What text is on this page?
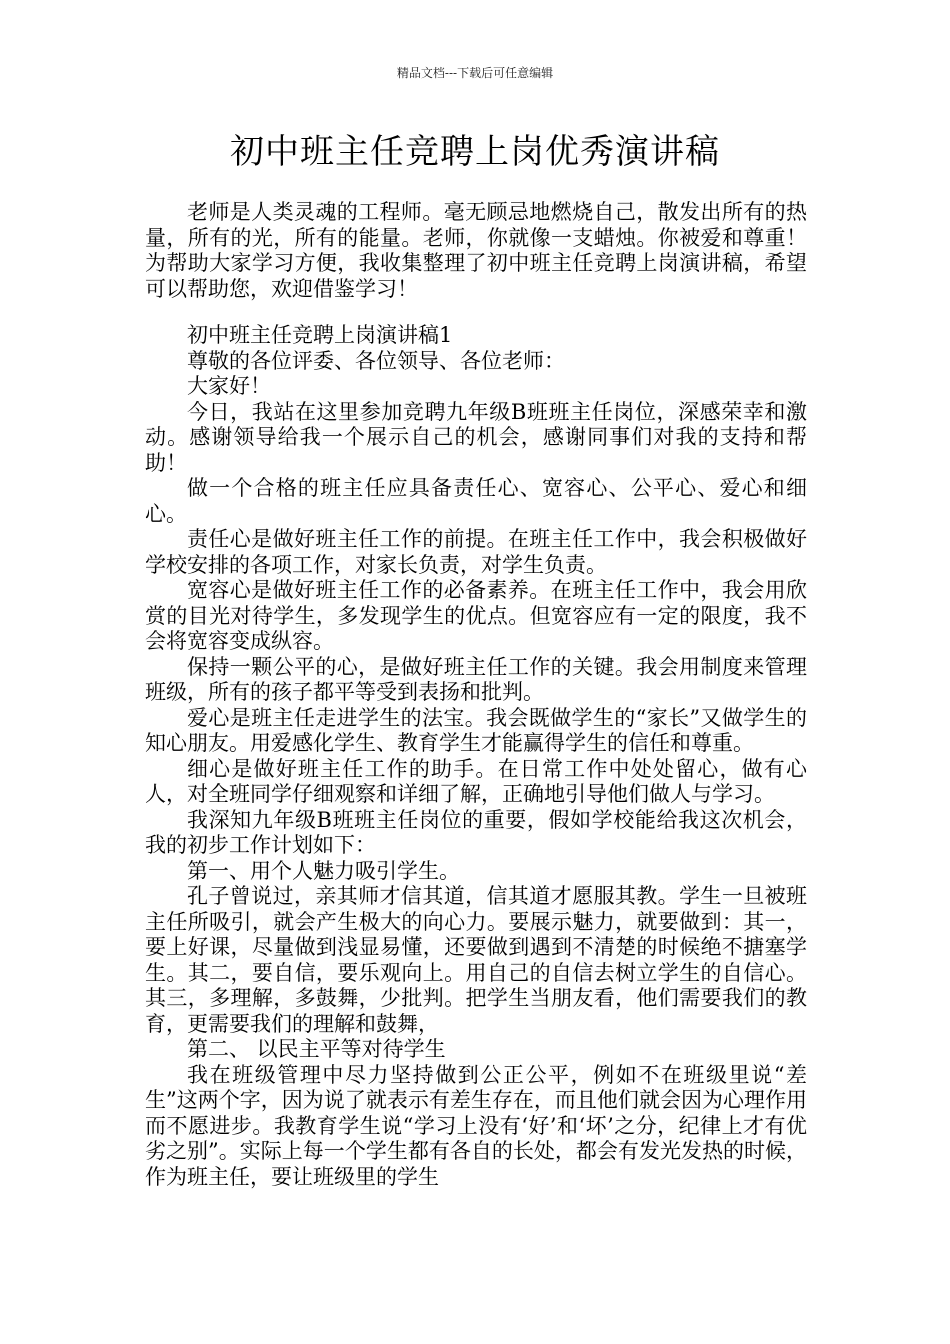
精品文档---下载后可任意编辑
初中班主任竞聘上岗优秀演讲稿

老师是人类灵魂的工程师。毫无顾忌地燃烧自己，散发出所有的热量，所有的光，所有的能量。老师，你就像一支蜡烛。你被爱和尊重！为帮助大家学习方便，我收集整理了初中班主任竞聘上岗演讲稿，希望可以帮助您，欢迎借鉴学习！

初中班主任竞聘上岗演讲稿1

尊敬的各位评委、各位领导、各位老师：

大家好！

今日，我站在这里参加竞聘九年级B班班主任岗位，深感荣幸和激动。感谢领导给我一个展示自己的机会，感谢同事们对我的支持和帮助！

做一个合格的班主任应具备责任心、宽容心、公平心、爱心和细心。

责任心是做好班主任工作的前提。在班主任工作中，我会积极做好学校安排的各项工作，对家长负责，对学生负责。

宽容心是做好班主任工作的必备素养。在班主任工作中，我会用欣赏的目光对待学生，多发现学生的优点。但宽容应有一定的限度，我不会将宽容变成纵容。

保持一颗公平的心，是做好班主任工作的关键。我会用制度来管理班级，所有的孩子都平等受到表扬和批判。

爱心是班主任走进学生的法宝。我会既做学生的“家长”又做学生的知心朋友。用爱感化学生、教育学生才能赢得学生的信任和尊重。

细心是做好班主任工作的助手。在日常工作中处处留心，做有心人，对全班同学仔细观察和详细了解，正确地引导他们做人与学习。

我深知九年级B班班主任岗位的重要，假如学校能给我这次机会，我的初步工作计划如下：

第一、用个人魅力吸引学生。

孔子曾说过，亲其师才信其道，信其道才愿服其教。学生一旦被班主任所吸引，就会产生极大的向心力。要展示魅力，就要做到：其一，要上好课，尽量做到浅显易懂，还要做到遇到不清楚的时候绝不搪塞学生。其二，要自信，要乐观向上。用自己的自信去树立学生的自信心。其三，多理解，多鼓舞，少批判。把学生当朋友看，他们需要我们的教育，更需要我们的理解和鼓舞，

第二、 以民主平等对待学生

我在班级管理中尽力坚持做到公正公平，例如不在班级里说“差生”这两个字，因为说了就表示有差生存在，而且他们就会因为心理作用而不愿进步。我教育学生说“学习上没有‘好’和‘坏’之分，纪律上才有优劣之别”。实际上每一个学生都有各自的长处，都会有发光发热的时候，作为班主任，要让班级里的学生
